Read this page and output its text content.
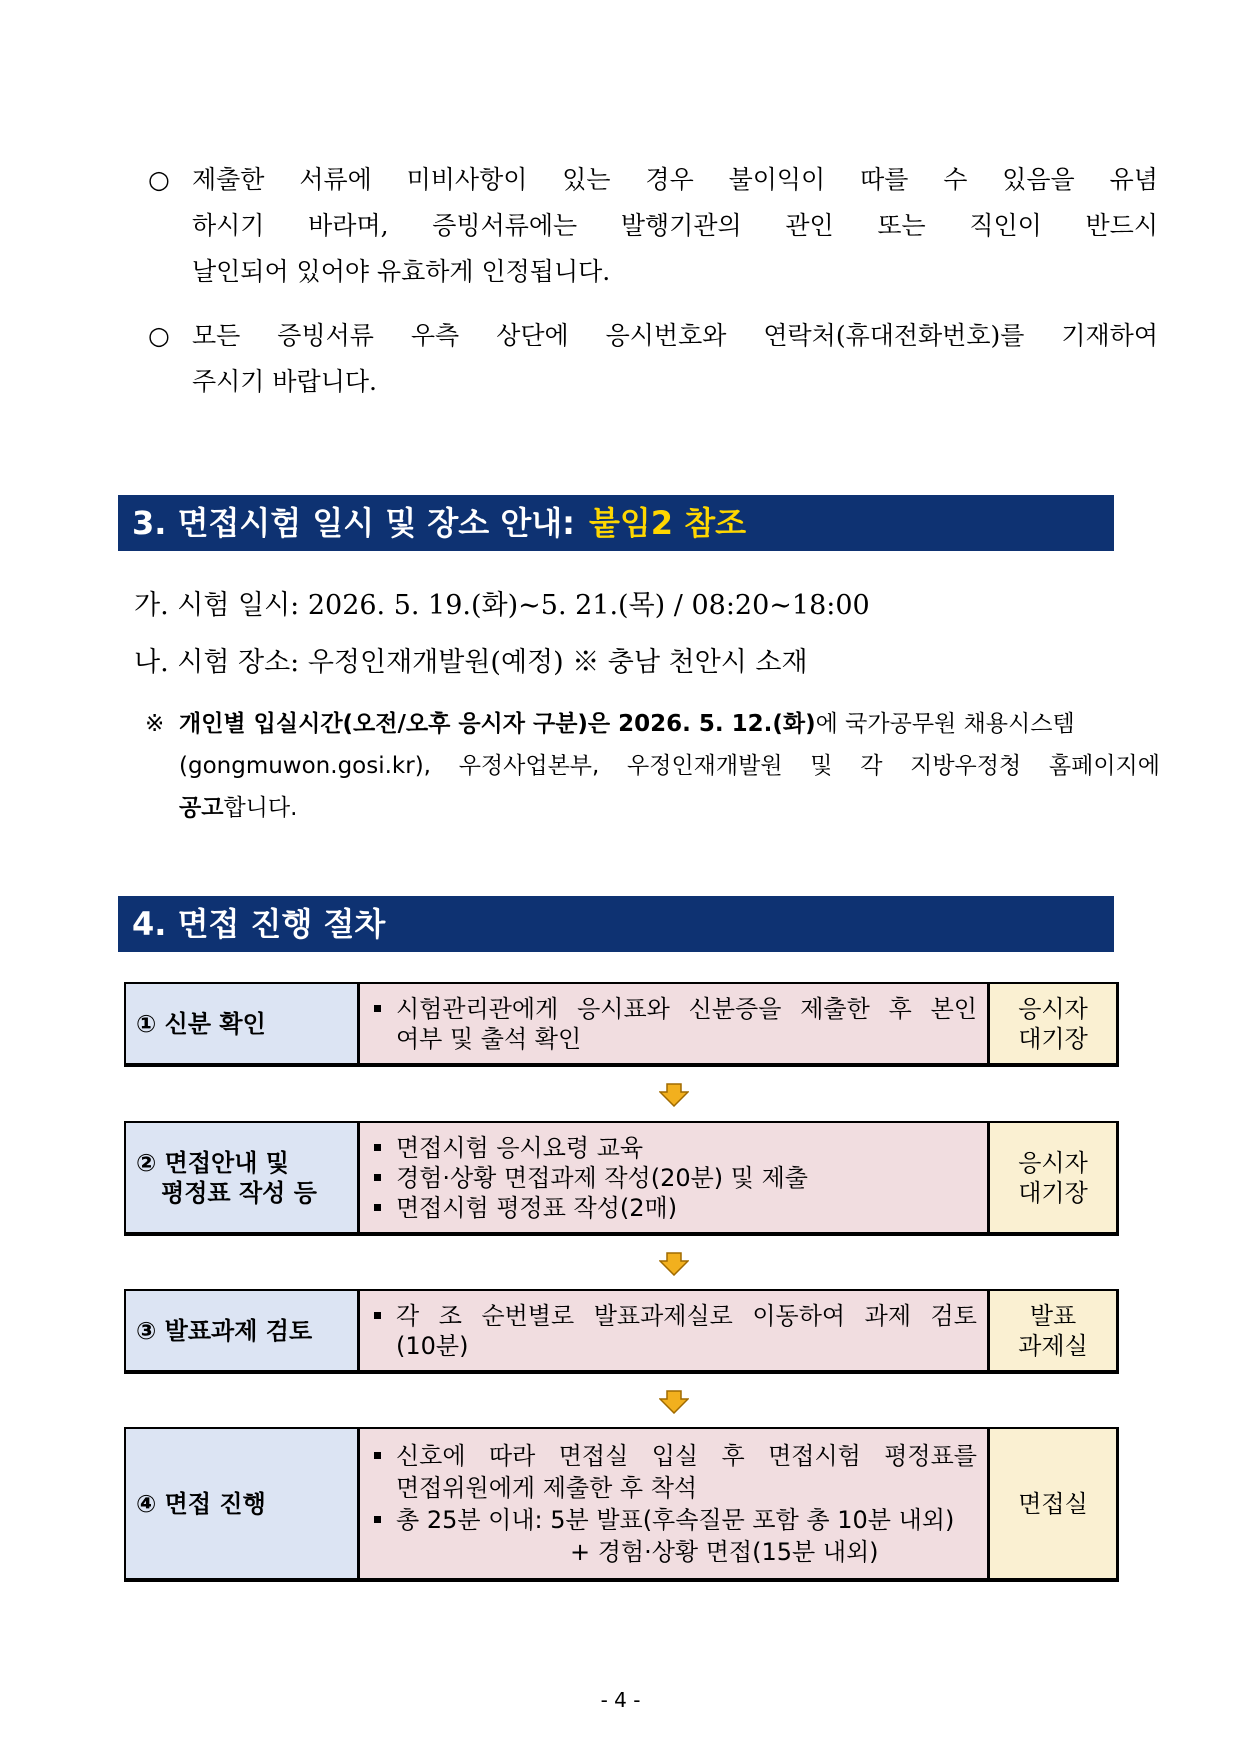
○ 제출한 서류에 미비사항이 있는 경우 불이익이 따를 수 있음을 유념
하시기 바라며, 증빙서류에는 발행기관의 관인 또는 직인이 반드시
날인되어 있어야 유효하게 인정됩니다.
○ 모든 증빙서류 우측 상단에 응시번호와 연락처(휴대전화번호)를 기재하여
주시기 바랍니다.
3. 면접시험 일시 및 장소 안내: 붙임2 참조
가. 시험 일시: 2026. 5. 19.(화)∼5. 21.(목) / 08:20∼18:00
나. 시험 장소: 우정인재개발원(예정) ※ 충남 천안시 소재
※ 개인별 입실시간(오전/오후 응시자 구분)은 2026. 5. 12.(화)에 국가공무원 채용시스템
(gongmuwon.gosi.kr), 우정사업본부, 우정인재개발원 및 각 지방우정청 홈페이지에
공고합니다.
4. 면접 진행 절차
① 신분 확인
시험관리관에게 응시표와 신분증을 제출한 후 본인
여부 및 출석 확인
응시자
대기장
② 면접안내 및
평정표 작성 등
면접시험 응시요령 교육
경험·상황 면접과제 작성(20분) 및 제출
면접시험 평정표 작성(2매)
응시자
대기장
③ 발표과제 검토
각 조 순번별로 발표과제실로 이동하여 과제 검토
(10분)
발표
과제실
④ 면접 진행
신호에 따라 면접실 입실 후 면접시험 평정표를
면접위원에게 제출한 후 착석
총 25분 이내: 5분 발표(후속질문 포함 총 10분 내외)
+ 경험·상황 면접(15분 내외)
면접실
- 4 -
